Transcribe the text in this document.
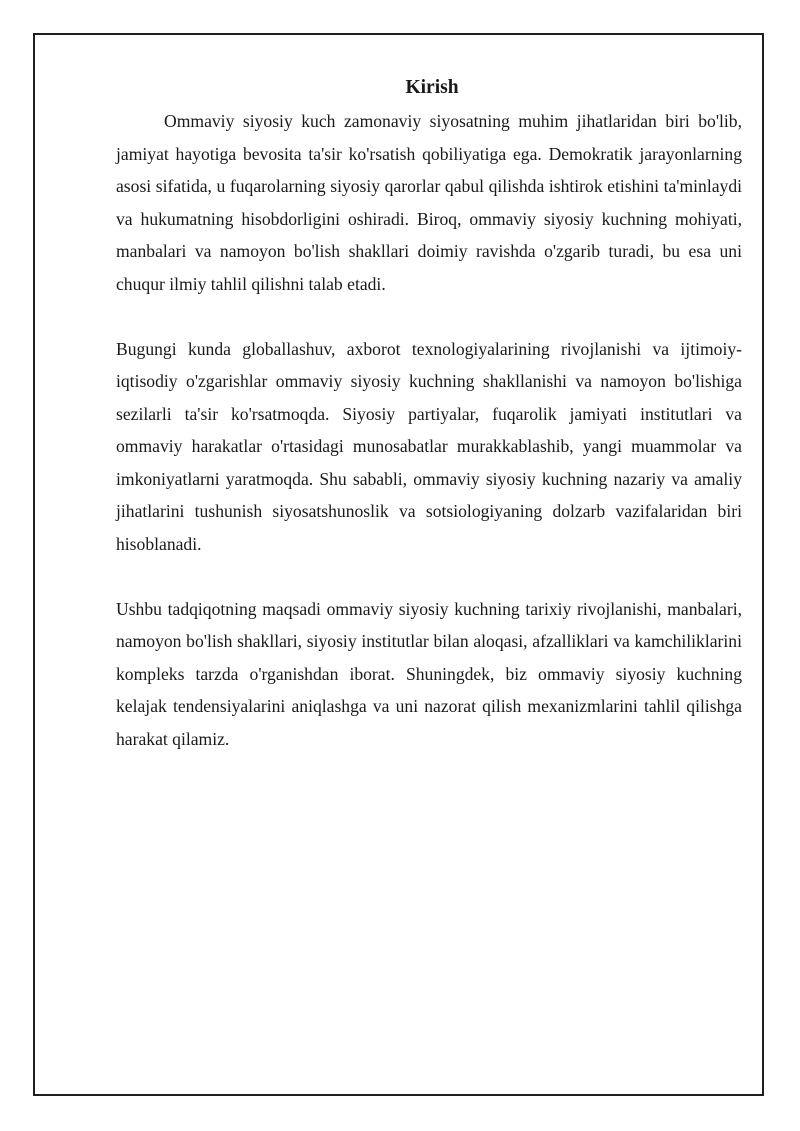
Kirish

Ommaviy siyosiy kuch zamonaviy siyosatning muhim jihatlaridan biri bo'lib, jamiyat hayotiga bevosita ta'sir ko'rsatish qobiliyatiga ega. Demokratik jarayonlarning asosi sifatida, u fuqarolarning siyosiy qarorlar qabul qilishda ishtirok etishini ta'minlaydi va hukumatning hisobdorligini oshiradi. Biroq, ommaviy siyosiy kuchning mohiyati, manbalari va namoyon bo'lish shakllari doimiy ravishda o'zgarib turadi, bu esa uni chuqur ilmiy tahlil qilishni talab etadi.

Bugungi kunda globallashuv, axborot texnologiyalarining rivojlanishi va ijtimoiy-iqtisodiy o'zgarishlar ommaviy siyosiy kuchning shakllanishi va namoyon bo'lishiga sezilarli ta'sir ko'rsatmoqda. Siyosiy partiyalar, fuqarolik jamiyati institutlari va ommaviy harakatlar o'rtasidagi munosabatlar murakkablashib, yangi muammolar va imkoniyatlarni yaratmoqda. Shu sababli, ommaviy siyosiy kuchning nazariy va amaliy jihatlarini tushunish siyosatshunoslik va sotsiologiyaning dolzarb vazifalaridan biri hisoblanadi.

Ushbu tadqiqotning maqsadi ommaviy siyosiy kuchning tarixiy rivojlanishi, manbalari, namoyon bo'lish shakllari, siyosiy institutlar bilan aloqasi, afzalliklari va kamchiliklarini kompleks tarzda o'rganishdan iborat. Shuningdek, biz ommaviy siyosiy kuchning kelajak tendensiyalarini aniqlashga va uni nazorat qilish mexanizmlarini tahlil qilishga harakat qilamiz.
